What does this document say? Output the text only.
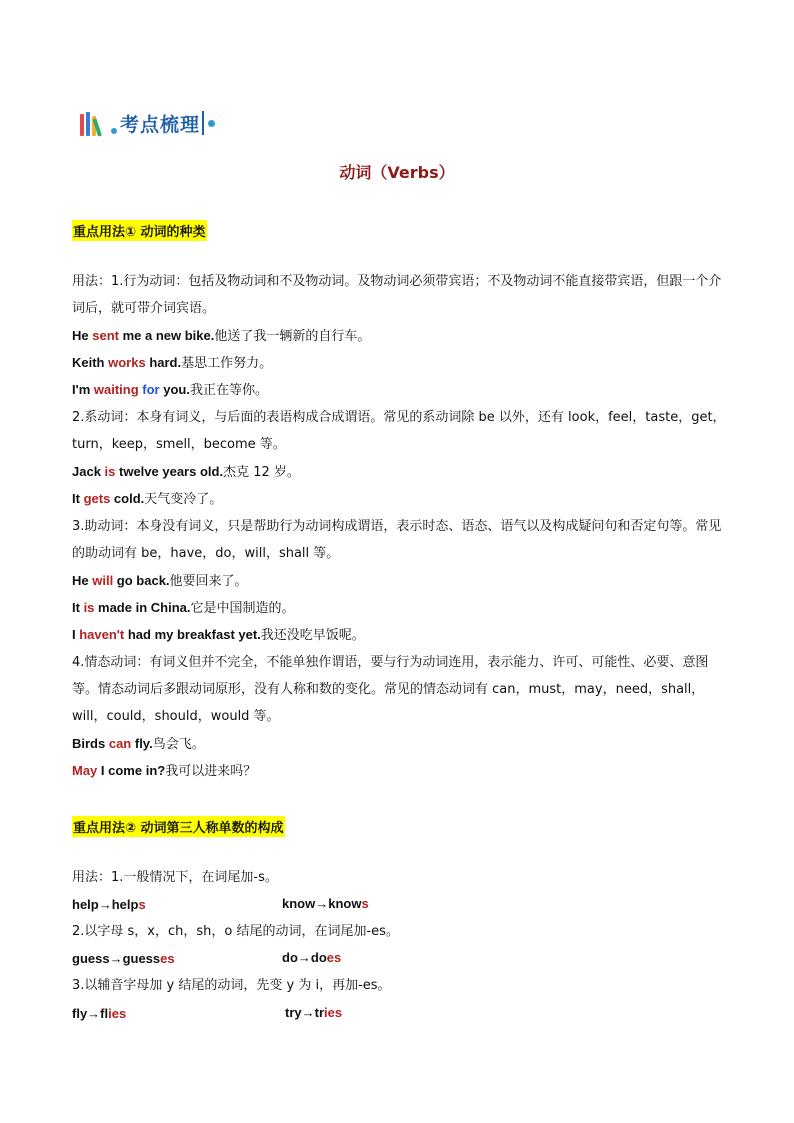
考点梳理
动词（Verbs）
重点用法① 动词的种类
用法：1.行为动词：包括及物动词和不及物动词。及物动词必须带宾语；不及物动词不能直接带宾语，但跟一个介词后，就可带介词宾语。
He sent me a new bike.他送了我一辆新的自行车。
Keith works hard.基思工作努力。
I'm waiting for you.我正在等你。
2.系动词：本身有词义，与后面的表语构成合成谓语。常见的系动词除 be 以外，还有 look，feel，taste，get，turn，keep，smell，become 等。
Jack is twelve years old.杰克 12 岁。
It gets cold.天气变冷了。
3.助动词：本身没有词义，只是帮助行为动词构成谓语，表示时态、语态、语气以及构成疑问句和否定句等。常见的助动词有 be，have，do，will，shall 等。
He will go back.他要回来了。
It is made in China.它是中国制造的。
I haven't had my breakfast yet.我还没吃早饭呢。
4.情态动词：有词义但并不完全，不能单独作谓语，要与行为动词连用，表示能力、许可、可能性、必要、意图等。情态动词后多跟动词原形，没有人称和数的变化。常见的情态动词有 can，must，may，need，shall，will，could，should，would 等。
Birds can fly.鸟会飞。
May I come in?我可以进来吗？
重点用法② 动词第三人称单数的构成
用法：1.一般情况下，在词尾加-s。
help→helps	know→knows
2.以字母 s，x，ch，sh，o 结尾的动词，在词尾加-es。
guess→guesses	do→does
3.以辅音字母加 y 结尾的动词，先变 y 为 i，再加-es。
fly→flies	try→tries
